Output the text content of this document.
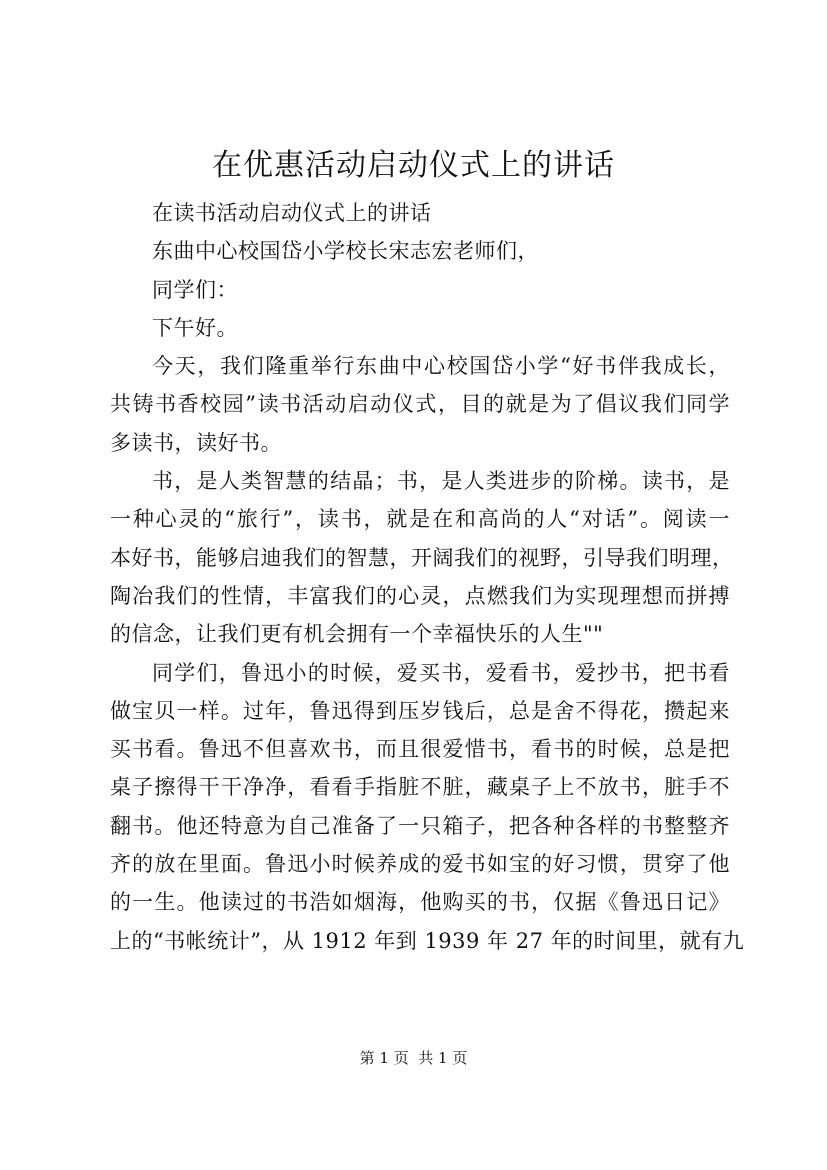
在优惠活动启动仪式上的讲话
在读书活动启动仪式上的讲话
东曲中心校国岱小学校长宋志宏老师们，
同学们：
下午好。
今天，我们隆重举行东曲中心校国岱小学“好书伴我成长，
共铸书香校园”读书活动启动仪式，目的就是为了倡议我们同学
多读书，读好书。
书，是人类智慧的结晶；书，是人类进步的阶梯。读书，是
一种心灵的“旅行”，读书，就是在和高尚的人“对话”。阅读一
本好书，能够启迪我们的智慧，开阔我们的视野，引导我们明理，
陶冶我们的性情，丰富我们的心灵，点燃我们为实现理想而拼搏
的信念，让我们更有机会拥有一个幸福快乐的人生""
同学们，鲁迅小的时候，爱买书，爱看书，爱抄书，把书看
做宝贝一样。过年，鲁迅得到压岁钱后，总是舍不得花，攒起来
买书看。鲁迅不但喜欢书，而且很爱惜书，看书的时候，总是把
桌子擦得干干净净，看看手指脏不脏，藏桌子上不放书，脏手不
翻书。他还特意为自己准备了一只箱子，把各种各样的书整整齐
齐的放在里面。鲁迅小时候养成的爱书如宝的好习惯，贯穿了他
的一生。他读过的书浩如烟海，他购买的书，仅据《鲁迅日记》
上的“书帐统计”，从 1912 年到 1939 年 27 年的时间里，就有九
第 1 页  共 1 页
